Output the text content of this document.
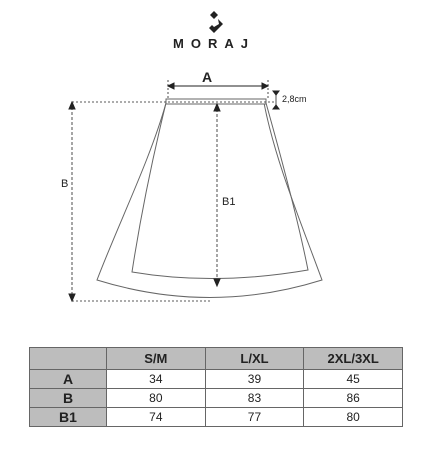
MORAJ
A
2,8cm
B
B1
	S/M	L/XL	2XL/3XL
A	34	39	45
B	80	83	86
B1	74	77	80
